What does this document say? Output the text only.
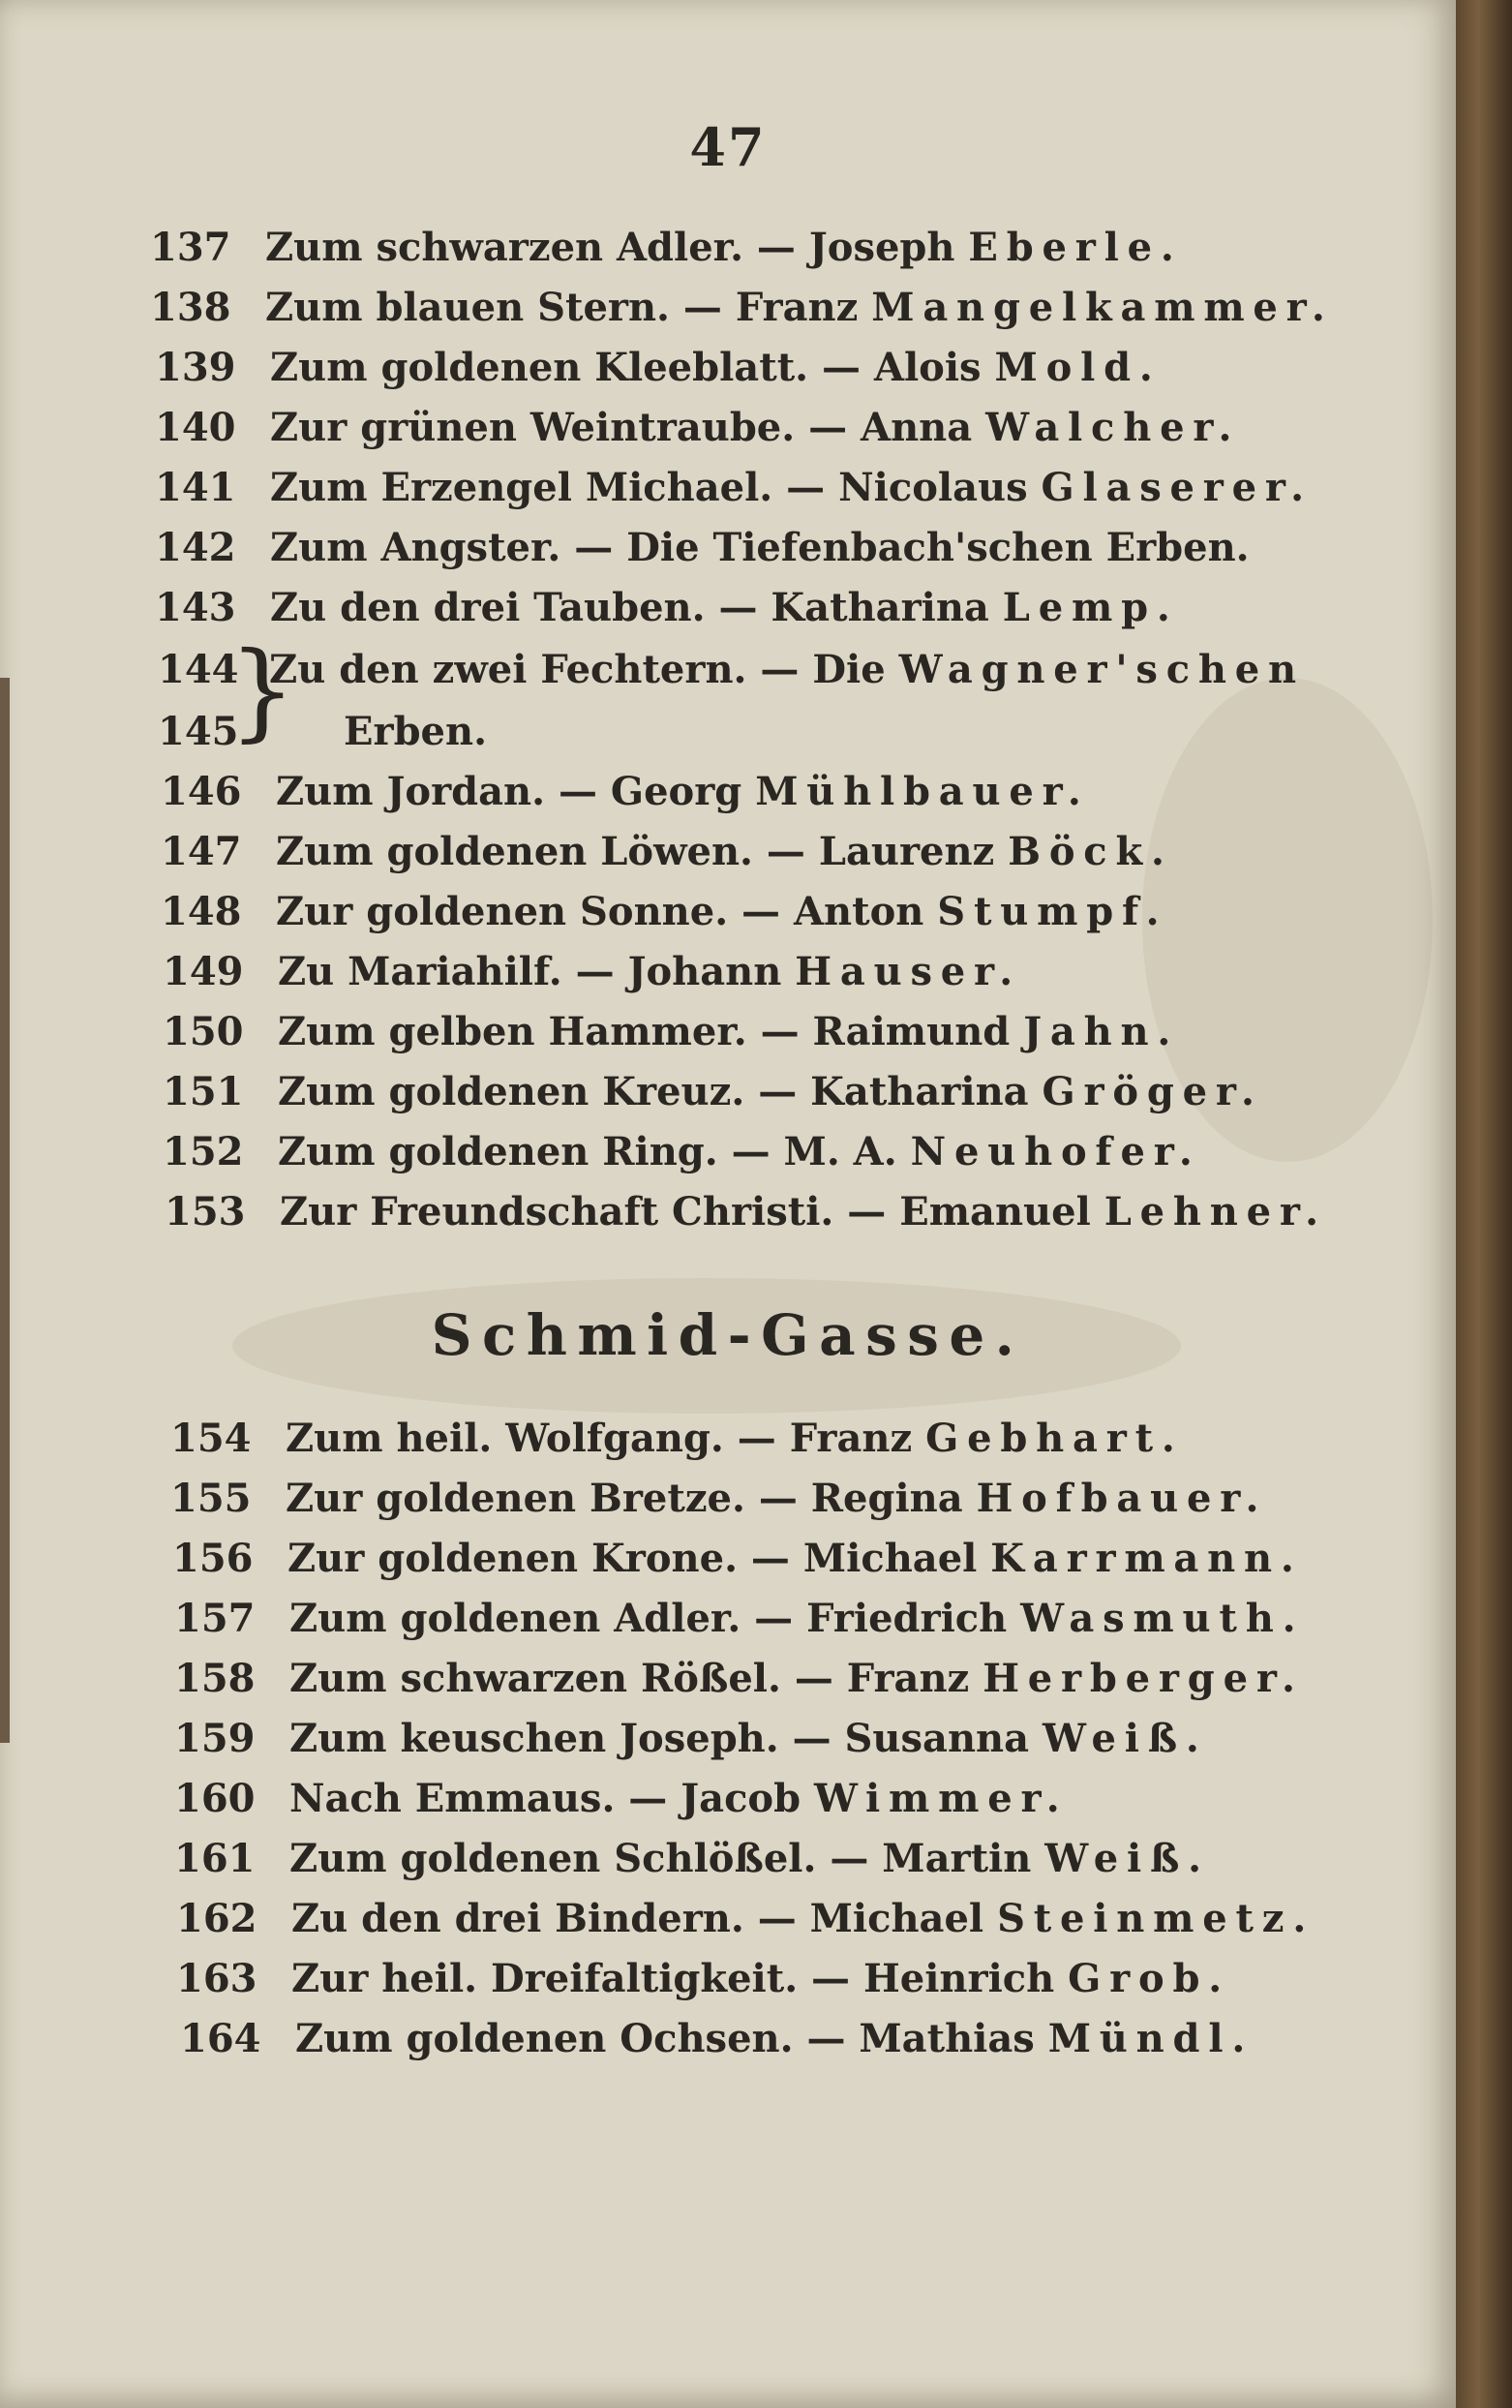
47
137 Zum schwarzen Adler. — Joseph Eberle.
138 Zum blauen Stern. — Franz Mangelkammer.
139 Zum goldenen Kleeblatt. — Alois Mold.
140 Zur grünen Weintraube. — Anna Walcher.
141 Zum Erzengel Michael. — Nicolaus Glaserer.
142 Zum Angster. — Die Tiefenbach'schen Erben.
143 Zu den drei Tauben. — Katharina Lemp.
144
145
}
Zu den zwei Fechtern. — Die Wagner'schen
Erben.
146 Zum Jordan. — Georg Mühlbauer.
147 Zum goldenen Löwen. — Laurenz Böck.
148 Zur goldenen Sonne. — Anton Stumpf.
149 Zu Mariahilf. — Johann Hauser.
150 Zum gelben Hammer. — Raimund Jahn.
151 Zum goldenen Kreuz. — Katharina Gröger.
152 Zum goldenen Ring. — M. A. Neuhofer.
153 Zur Freundschaft Christi. — Emanuel Lehner.
Schmid-Gasse.
154 Zum heil. Wolfgang. — Franz Gebhart.
155 Zur goldenen Bretze. — Regina Hofbauer.
156 Zur goldenen Krone. — Michael Karrmann.
157 Zum goldenen Adler. — Friedrich Wasmuth.
158 Zum schwarzen Rößel. — Franz Herberger.
159 Zum keuschen Joseph. — Susanna Weiß.
160 Nach Emmaus. — Jacob Wimmer.
161 Zum goldenen Schlößel. — Martin Weiß.
162 Zu den drei Bindern. — Michael Steinmetz.
163 Zur heil. Dreifaltigkeit. — Heinrich Grob.
164 Zum goldenen Ochsen. — Mathias Mündl.
